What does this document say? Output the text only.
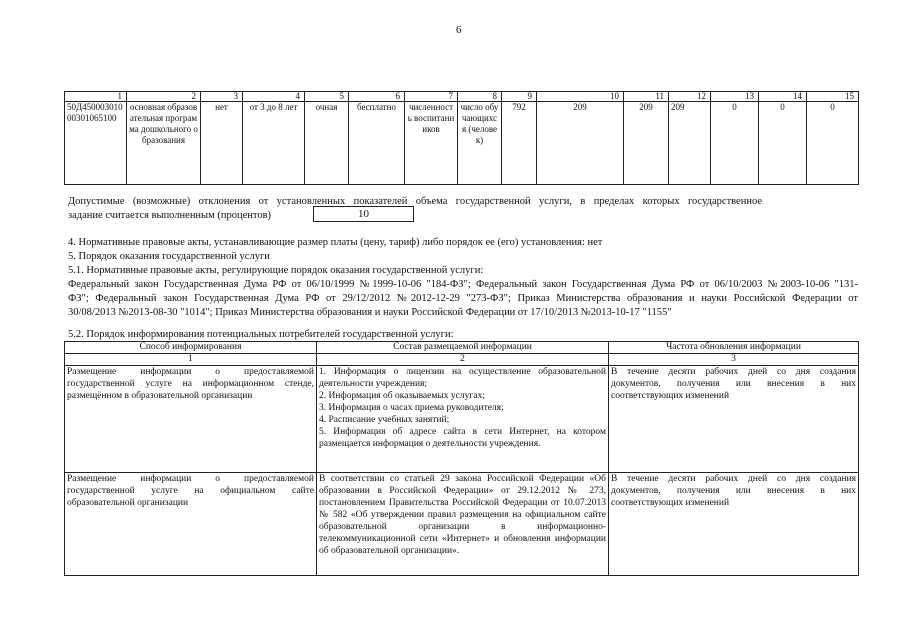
6
1	2	3	4	5	6	7	8	9	10	11	12	13	14	15
50Д45000301000301065100	основная образовательная программа дошкольного образования	нет	от 3 до 8 лет	очная	бесплатно	численность воспитанников	число обучающихся (человек)	792	209	209	209	0	0	0

Допустимые (возможные) отклонения от установленных показателей объема государственной услуги, в пределах которых государственное

задание считается выполненным (процентов)	10

4. Нормативные правовые акты, устанавливающие размер платы (цену, тариф) либо порядок ее (его) установления: нет

5. Порядок оказания государственной услуги

5.1. Нормативные правовые акты, регулирующие порядок оказания государственной услуги:

Федеральный закон Государственная Дума РФ от 06/10/1999 №1999-10-06 "184-ФЗ"; Федеральный закон Государственная Дума РФ от 06/10/2003 №2003-10-06 "131-

ФЗ"; Федеральный закон Государственная Дума РФ от 29/12/2012 №2012-12-29 "273-ФЗ"; Приказ Министерства образования и науки Российской Федерации от

30/08/2013 №2013-08-30 "1014"; Приказ Министерства образования и науки Российской Федерации от 17/10/2013 №2013-10-17 "1155"

5.2. Порядок информирования потенциальных потребителей государственной услуги:

Способ информирования	Состав размещаемой информации	Частота обновления информации
1	2	3
Размещение информации о предоставляемой государственной услуге на информационном стенде, размещённом в образовательной организации	1. Информация о лицензии на осуществление образовательной деятельности учреждения;
2. Информация об оказываемых услугах;
3. Информация о часах приема руководителя;
4. Расписание учебных занятий;
5. Информация об адресе сайта в сети Интернет, на котором размещается информация о деятельности учреждения.	В течение десяти рабочих дней со дня создания документов, получения или внесения в них соответствующих изменений
Размещение информации о предоставляемой государственной услуге на официальном сайте образовательной организации	В соответствии со статьей 29 закона Российской Федерации «Об образовании в Российской Федерации» от 29.12.2012 № 273, постановлением Правительства Российской Федерации от 10.07.2013 № 582 «Об утверждении правил размещения на официальном сайте образовательной организации в информационно-телекоммуникационной сети «Интернет» и обновления информации об образовательной организации».	В течение десяти рабочих дней со дня создания документов, получения или внесения в них соответствующих изменений
